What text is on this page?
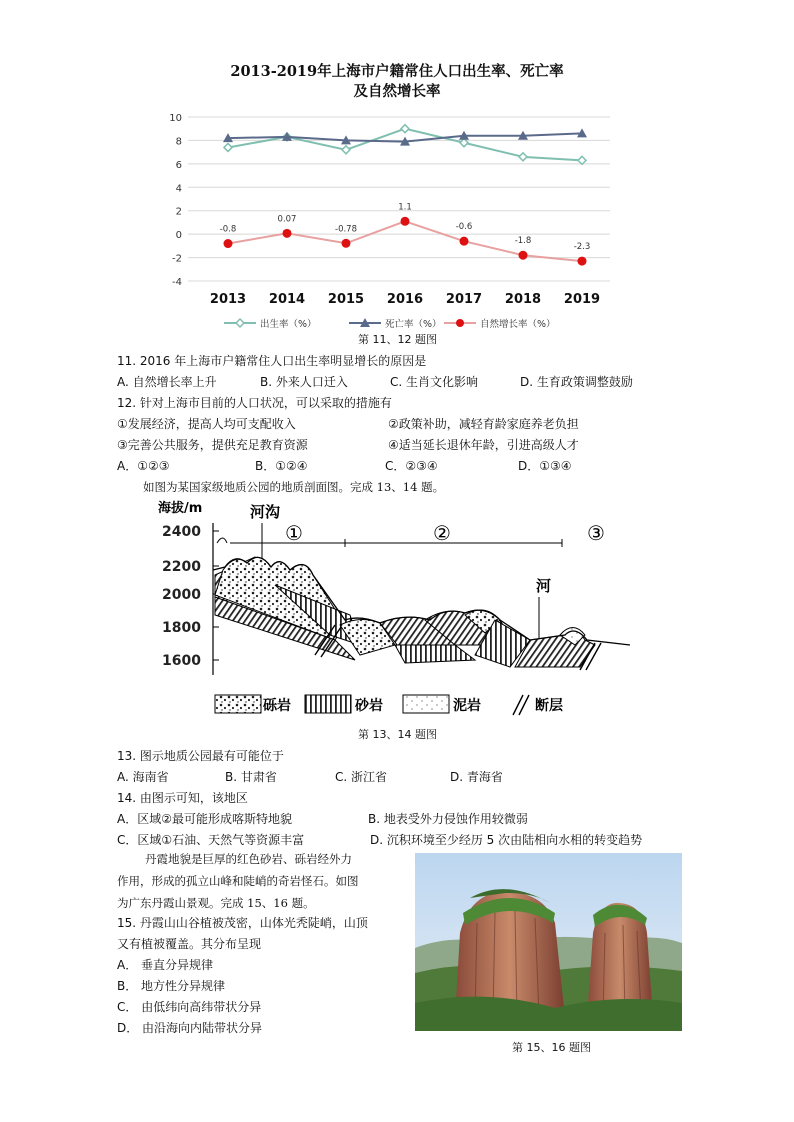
2013-2019年上海市户籍常住人口出生率、死亡率
及自然增长率
10
8
6
4
2
0
-2
-4
2013 2014 2015 2016 2017 2018 2019
-0.8
0.07
-0.78
1.1
-0.6
-1.8
-2.3
出生率（%）	死亡率（%）	自然增长率（%）
第 11、12 题图
11. 2016 年上海市户籍常住人口出生率明显增长的原因是
A. 自然增长率上升	B. 外来人口迁入	C. 生肖文化影响	D. 生育政策调整鼓励
12. 针对上海市目前的人口状况，可以采取的措施有
①发展经济，提高人均可支配收入	②政策补助，减轻育龄家庭养老负担
③完善公共服务，提供充足教育资源	④适当延长退休年龄，引进高级人才
A．①②③	B．①②④	C．②③④	D．①③④
如图为某国家级地质公园的地质剖面图。完成 13、14 题。
海拔/m
2400
2200
2000
1800
1600
河沟
①	②	③
河
砾岩	砂岩	泥岩	断层
第 13、14 题图
13. 图示地质公园最有可能位于
A. 海南省	B. 甘肃省	C. 浙江省	D. 青海省
14. 由图示可知，该地区
A．区域②最可能形成喀斯特地貌	B. 地表受外力侵蚀作用较微弱
C．区域①石油、天然气等资源丰富	D. 沉积环境至少经历 5 次由陆相向水相的转变趋势
丹霞地貌是巨厚的红色砂岩、砾岩经外力
作用，形成的孤立山峰和陡峭的奇岩怪石。如图
为广东丹霞山景观。完成 15、16 题。
15. 丹霞山山谷植被茂密，山体光秃陡峭，山顶
又有植被覆盖。其分布呈现
A． 垂直分异规律
B． 地方性分异规律
C． 由低纬向高纬带状分异
D． 由沿海向内陆带状分异
第 15、16 题图
